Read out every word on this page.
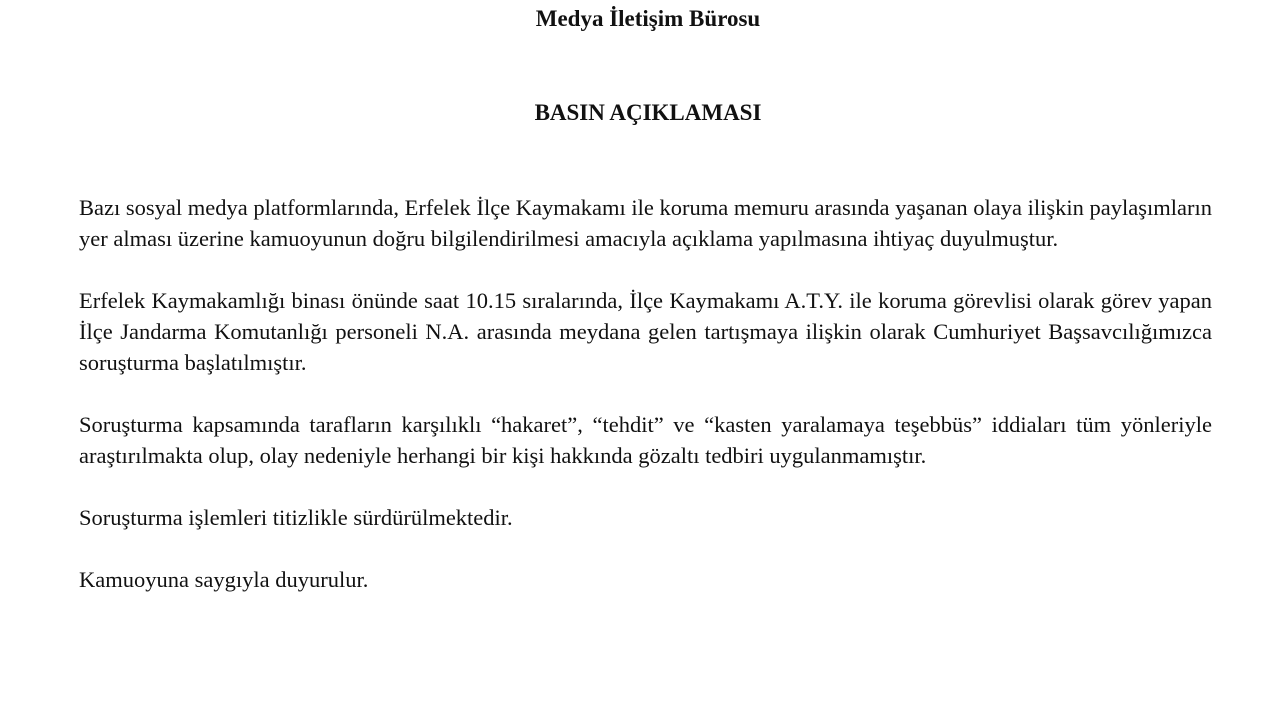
Medya İletişim Bürosu
BASIN AÇIKLAMASI

Bazı sosyal medya platformlarında, Erfelek İlçe Kaymakamı ile koruma memuru arasında yaşanan olaya ilişkin paylaşımların yer alması üzerine kamuoyunun doğru bilgilendirilmesi amacıyla açıklama yapılmasına ihtiyaç duyulmuştur.

Erfelek Kaymakamlığı binası önünde saat 10.15 sıralarında, İlçe Kaymakamı A.T.Y. ile koruma görevlisi olarak görev yapan İlçe Jandarma Komutanlığı personeli N.A. arasında meydana gelen tartışmaya ilişkin olarak Cumhuriyet Başsavcılığımızca soruşturma başlatılmıştır.

Soruşturma kapsamında tarafların karşılıklı “hakaret”, “tehdit” ve “kasten yaralamaya teşebbüs” iddiaları tüm yönleriyle araştırılmakta olup, olay nedeniyle herhangi bir kişi hakkında gözaltı tedbiri uygulanmamıştır.

Soruşturma işlemleri titizlikle sürdürülmektedir.

Kamuoyuna saygıyla duyurulur.
